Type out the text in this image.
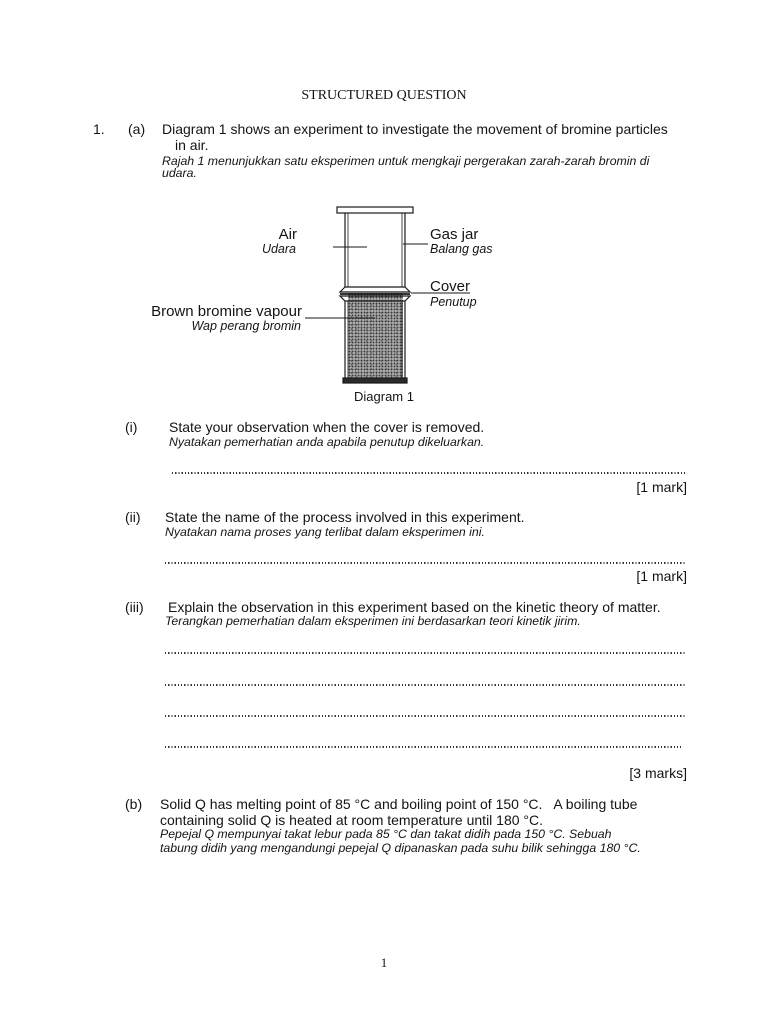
STRUCTURED QUESTION
1. (a) Diagram 1 shows an experiment to investigate the movement of bromine particles
in air.
Rajah 1 menunjukkan satu eksperimen untuk mengkaji pergerakan zarah-zarah bromin di
udara.
Air
Udara
Gas jar
Balang gas
Cover
Penutup
Brown bromine vapour
Wap perang bromin
Diagram 1
(i) State your observation when the cover is removed.
Nyatakan pemerhatian anda apabila penutup dikeluarkan.
[1 mark]
(ii) State the name of the process involved in this experiment.
Nyatakan nama proses yang terlibat dalam eksperimen ini.
[1 mark]
(iii) Explain the observation in this experiment based on the kinetic theory of matter.
Terangkan pemerhatian dalam eksperimen ini berdasarkan teori kinetik jirim.
[3 marks]
(b) Solid Q has melting point of 85 °C and boiling point of 150 °C.   A boiling tube
containing solid Q is heated at room temperature until 180 °C.
Pepejal Q mempunyai takat lebur pada 85 °C dan takat didih pada 150 °C. Sebuah
tabung didih yang mengandungi pepejal Q dipanaskan pada suhu bilik sehingga 180 °C.
1
